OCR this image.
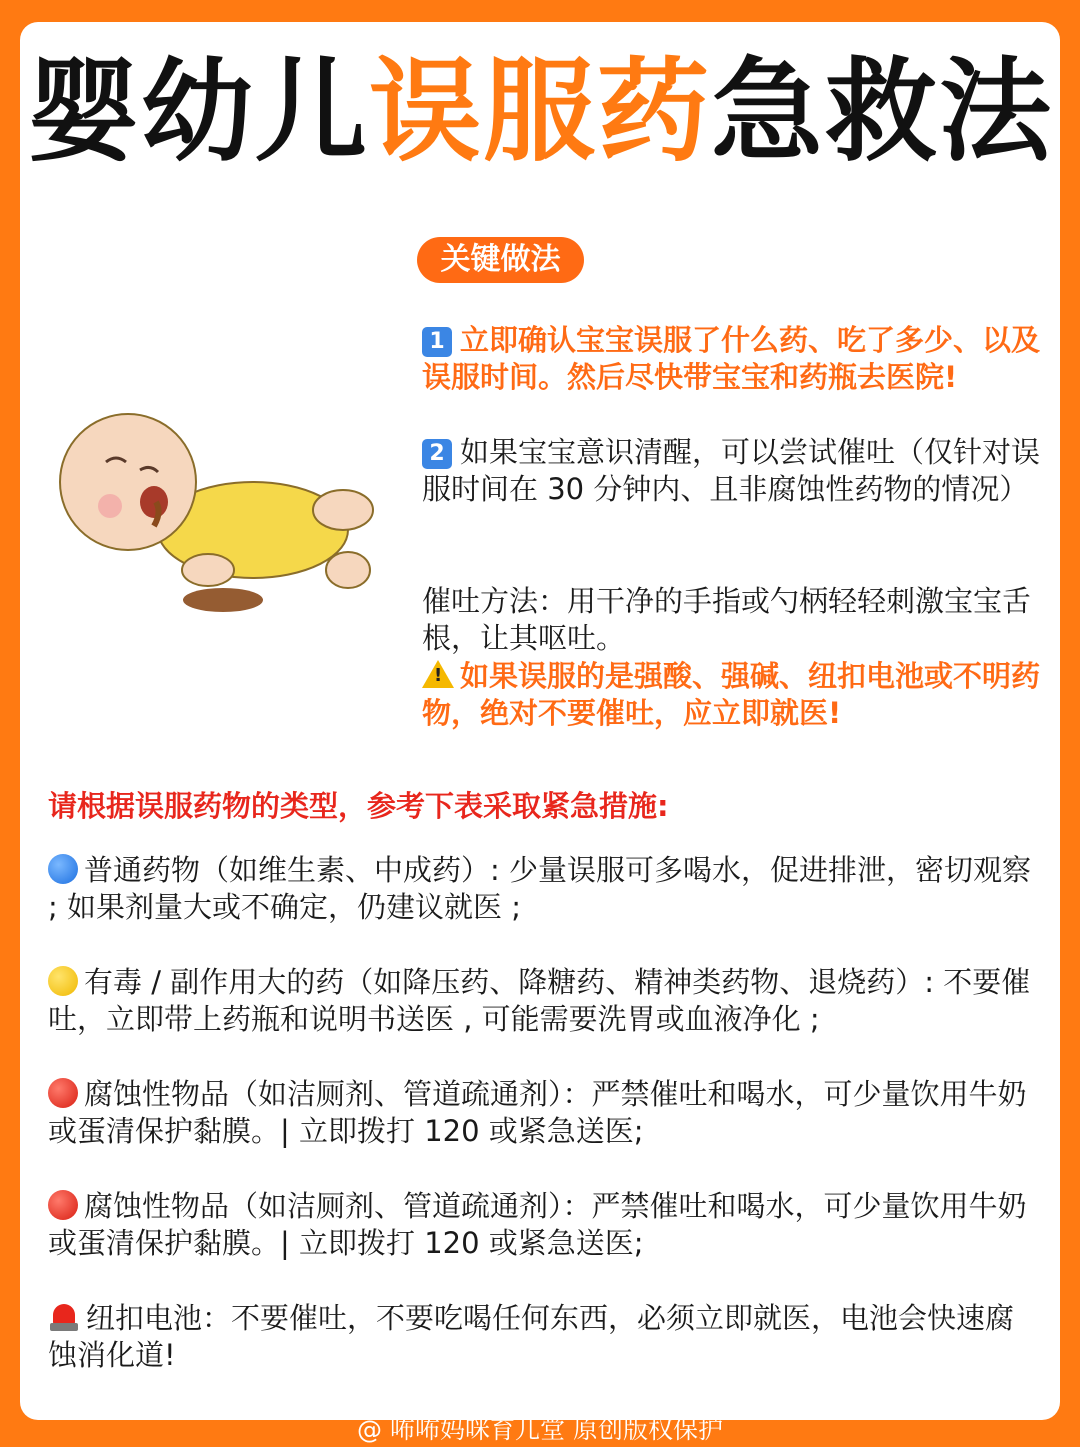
婴幼儿误服药急救法
关键做法
1 立即确认宝宝误服了什么药、吃了多少、以及误服时间。然后尽快带宝宝和药瓶去医院!
2 如果宝宝意识清醒，可以尝试催吐（仅针对误服时间在 30 分钟内、且非腐蚀性药物的情况）
催吐方法：用干净的手指或勺柄轻轻刺激宝宝舌根，让其呕吐。
! 如果误服的是强酸、强碱、纽扣电池或不明药物，绝对不要催吐，应立即就医!
请根据误服药物的类型，参考下表采取紧急措施:
普通药物（如维生素、中成药）: 少量误服可多喝水，促进排泄，密切观察 ; 如果剂量大或不确定，仍建议就医 ;
有毒 / 副作用大的药（如降压药、降糖药、精神类药物、退烧药）: 不要催吐，立即带上药瓶和说明书送医 , 可能需要洗胃或血液净化 ;
腐蚀性物品（如洁厕剂、管道疏通剂）：严禁催吐和喝水，可少量饮用牛奶或蛋清保护黏膜。| 立即拨打 120 或紧急送医;
腐蚀性物品（如洁厕剂、管道疏通剂）：严禁催吐和喝水，可少量饮用牛奶或蛋清保护黏膜。| 立即拨打 120 或紧急送医;
纽扣电池：不要催吐，不要吃喝任何东西，必须立即就医，电池会快速腐蚀消化道!
@ 咘咘妈咪育儿堂 原创版权保护
